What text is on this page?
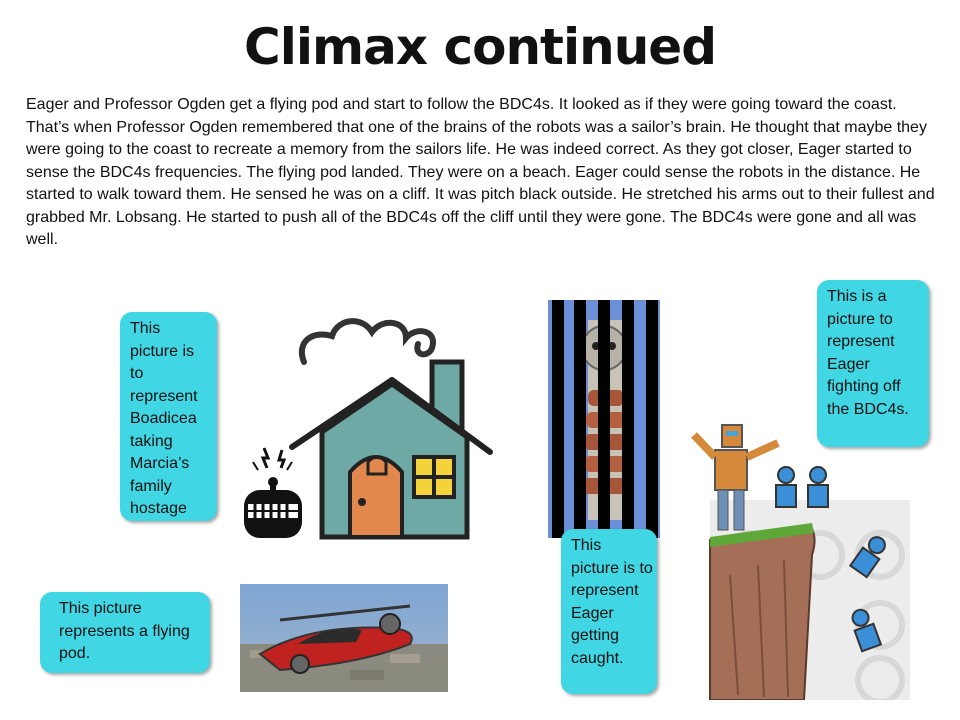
Climax continued
Eager and Professor Ogden get a flying pod and start to follow the BDC4s. It looked as if they were going toward the coast. That’s when Professor Ogden remembered that one of the brains of the robots was a sailor’s brain. He thought that maybe they were going to the coast to recreate a memory from the sailors life. He was indeed correct. As they got closer, Eager started to sense the BDC4s frequencies. The flying pod landed. They were on a beach. Eager could sense the robots in the distance. He started to walk toward them. He sensed he was on a cliff. It was pitch black outside. He stretched his arms out to their fullest and grabbed Mr. Lobsang. He started to push all of the BDC4s off the cliff until they were gone. The BDC4s were gone and all was well.
This picture is to represent Boadicea taking Marcia’s family hostage
This picture is to represent Eager getting caught.
This is a picture to represent Eager fighting off the BDC4s.
This picture represents a flying pod.
